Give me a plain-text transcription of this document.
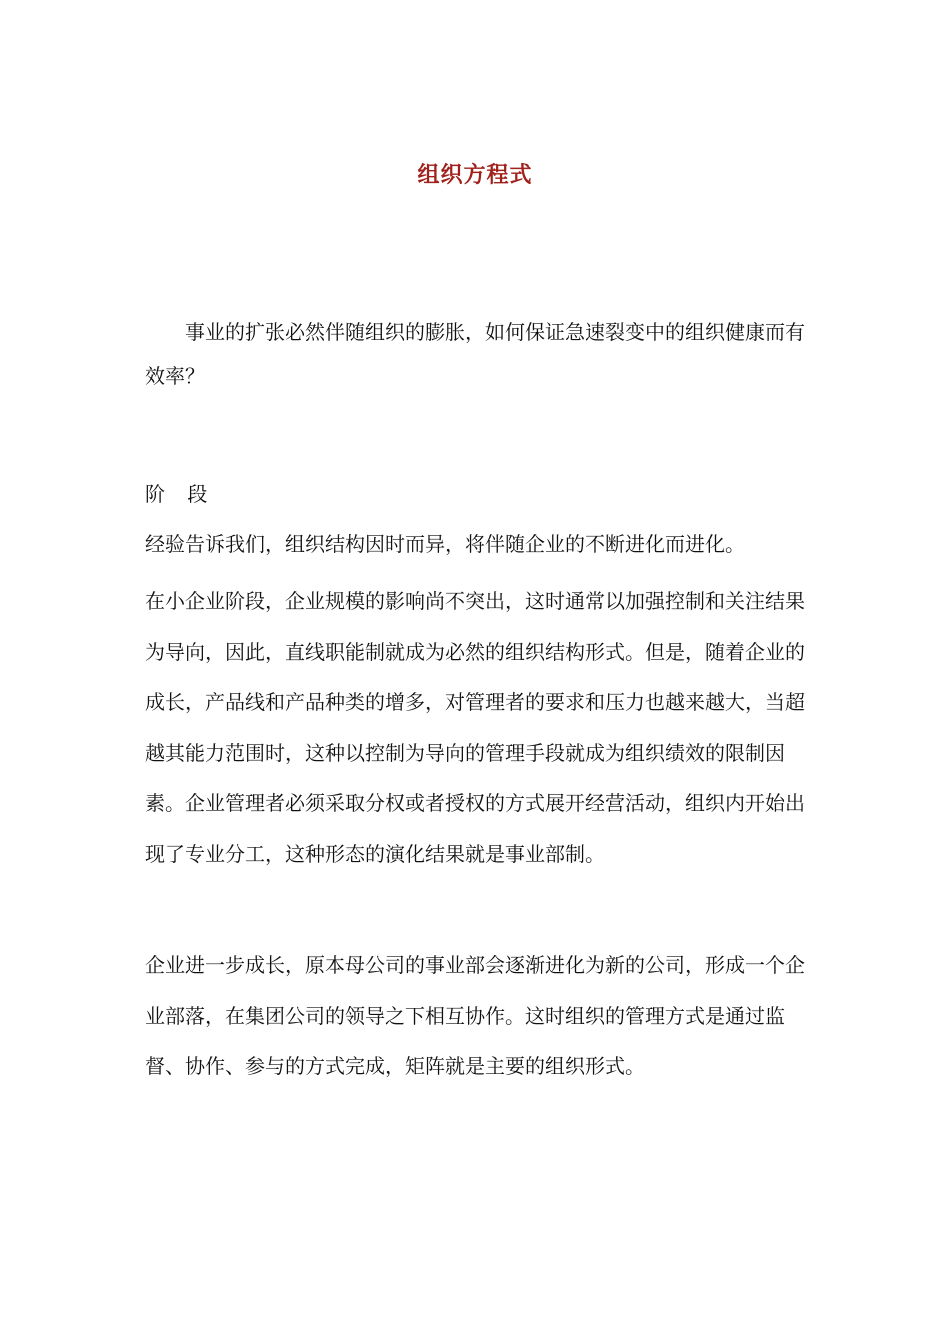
组织方程式

事业的扩张必然伴随组织的膨胀，如何保证急速裂变中的组织健康而有效率？

阶 段

经验告诉我们，组织结构因时而异，将伴随企业的不断进化而进化。

在小企业阶段，企业规模的影响尚不突出，这时通常以加强控制和关注结果为导向，因此，直线职能制就成为必然的组织结构形式。但是，随着企业的成长，产品线和产品种类的增多，对管理者的要求和压力也越来越大，当超越其能力范围时，这种以控制为导向的管理手段就成为组织绩效的限制因素。企业管理者必须采取分权或者授权的方式展开经营活动，组织内开始出现了专业分工，这种形态的演化结果就是事业部制。

企业进一步成长，原本母公司的事业部会逐渐进化为新的公司，形成一个企业部落，在集团公司的领导之下相互协作。这时组织的管理方式是通过监督、协作、参与的方式完成，矩阵就是主要的组织形式。
